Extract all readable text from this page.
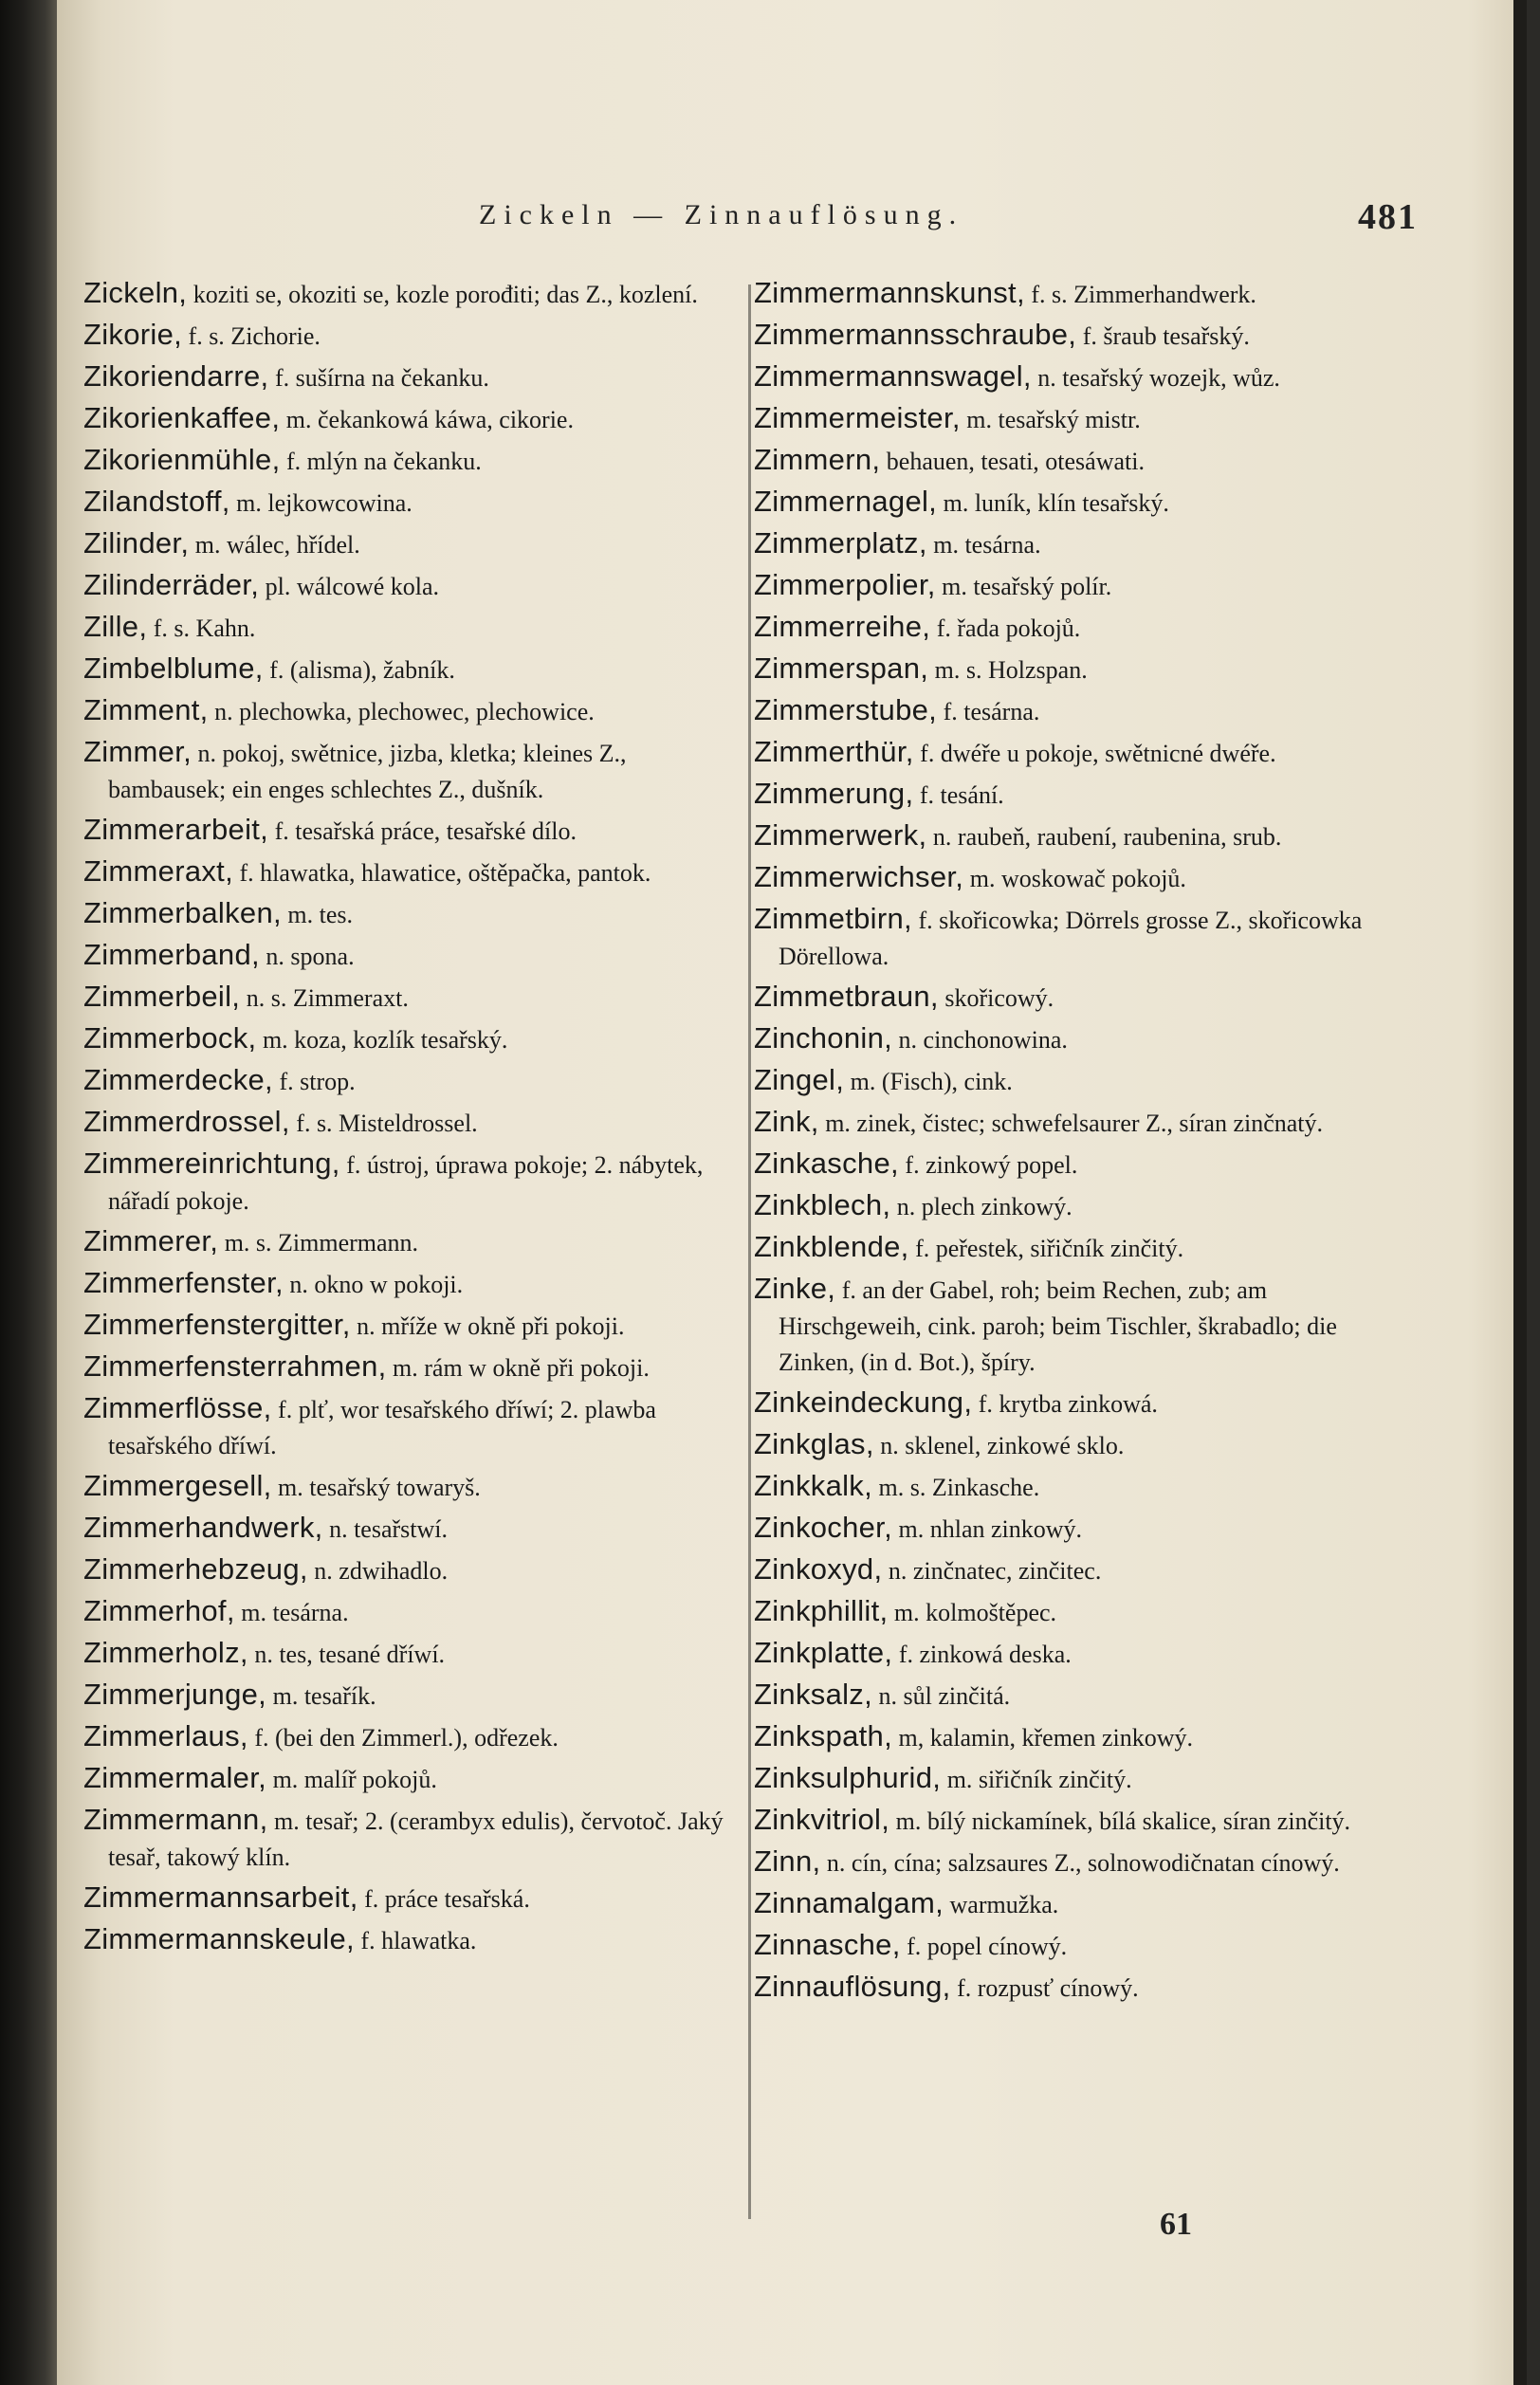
Zickeln — Zinnauflösung.	481
Zickeln, koziti se, okoziti se, kozle porođiti; das Z., kozlení.
Zikorie, f. s. Zichorie.
Zikoriendarre, f. sušírna na čekanku.
Zikorienkaffee, m. čekankowá káwa, cikorie.
Zikorienmühle, f. mlýn na čekanku.
Zilandstoff, m. lejkowcowina.
Zilinder, m. wálec, hřídel.
Zilinderräder, pl. wálcowé kola.
Zille, f. s. Kahn.
Zimbelblume, f. (alisma), žabník.
Zimment, n. plechowka, plechowec, plechowice.
Zimmer, n. pokoj, swětnice, jizba, kletka; kleines Z., bambausek; ein enges schlechtes Z., dušník.
Zimmerarbeit, f. tesařská práce, tesařské dílo.
Zimmeraxt, f. hlawatka, hlawatice, oštěpačka, pantok.
Zimmerbalken, m. tes.
Zimmerband, n. spona.
Zimmerbeil, n. s. Zimmeraxt.
Zimmerbock, m. koza, kozlík tesařský.
Zimmerdecke, f. strop.
Zimmerdrossel, f. s. Misteldrossel.
Zimmereinrichtung, f. ústroj, úprawa pokoje; 2. nábytek, nářadí pokoje.
Zimmerer, m. s. Zimmermann.
Zimmerfenster, n. okno w pokoji.
Zimmerfenstergitter, n. mříže w okně při pokoji.
Zimmerfensterrahmen, m. rám w okně při pokoji.
Zimmerflösse, f. plť, wor tesařského dříwí; 2. plawba tesařského dříwí.
Zimmergesell, m. tesařský towaryš.
Zimmerhandwerk, n. tesařstwí.
Zimmerhebzeug, n. zdwihadlo.
Zimmerhof, m. tesárna.
Zimmerholz, n. tes, tesané dříwí.
Zimmerjunge, m. tesařík.
Zimmerlaus, f. (bei den Zimmerl.), odřezek.
Zimmermaler, m. malíř pokojů.
Zimmermann, m. tesař; 2. (cerambyx edulis), červotoč. Jaký tesař, takowý klín.
Zimmermannsarbeit, f. práce tesařská.
Zimmermannskeule, f. hlawatka.
Zimmermannskunst, f. s. Zimmerhandwerk.
Zimmermannsschraube, f. šraub tesařský.
Zimmermannswagel, n. tesařský wozejk, wůz.
Zimmermeister, m. tesařský mistr.
Zimmern, behauen, tesati, otesáwati.
Zimmernagel, m. luník, klín tesařský.
Zimmerplatz, m. tesárna.
Zimmerpolier, m. tesařský polír.
Zimmerreihe, f. řada pokojů.
Zimmerspan, m. s. Holzspan.
Zimmerstube, f. tesárna.
Zimmerthür, f. dwéře u pokoje, swětnicné dwéře.
Zimmerung, f. tesání.
Zimmerwerk, n. raubeň, raubení, raubenina, srub.
Zimmerwichser, m. woskowač pokojů.
Zimmetbirn, f. skořicowka; Dörrels grosse Z., skořicowka Dörellowa.
Zimmetbraun, skořicowý.
Zinchonin, n. cinchonowina.
Zingel, m. (Fisch), cink.
Zink, m. zinek, čistec; schwefelsaurer Z., síran zinčnatý.
Zinkasche, f. zinkowý popel.
Zinkblech, n. plech zinkowý.
Zinkblende, f. peřestek, siřičník zinčitý.
Zinke, f. an der Gabel, roh; beim Rechen, zub; am Hirschgeweih, cink. paroh; beim Tischler, škrabadlo; die Zinken, (in d. Bot.), špíry.
Zinkeindeckung, f. krytba zinkowá.
Zinkglas, n. sklenel, zinkowé sklo.
Zinkkalk, m. s. Zinkasche.
Zinkocher, m. nhlan zinkowý.
Zinkoxyd, n. zinčnatec, zinčitec.
Zinkphillit, m. kolmoštěpec.
Zinkplatte, f. zinkowá deska.
Zinksalz, n. sůl zinčitá.
Zinkspath, m, kalamin, křemen zinkowý.
Zinksulphurid, m. siřičník zinčitý.
Zinkvitriol, m. bílý nickamínek, bílá skalice, síran zinčitý.
Zinn, n. cín, cína; salzsaures Z., solnowodičnatan cínowý.
Zinnamalgam, warmužka.
Zinnasche, f. popel cínowý.
Zinnauflösung, f. rozpusť cínowý.
61
